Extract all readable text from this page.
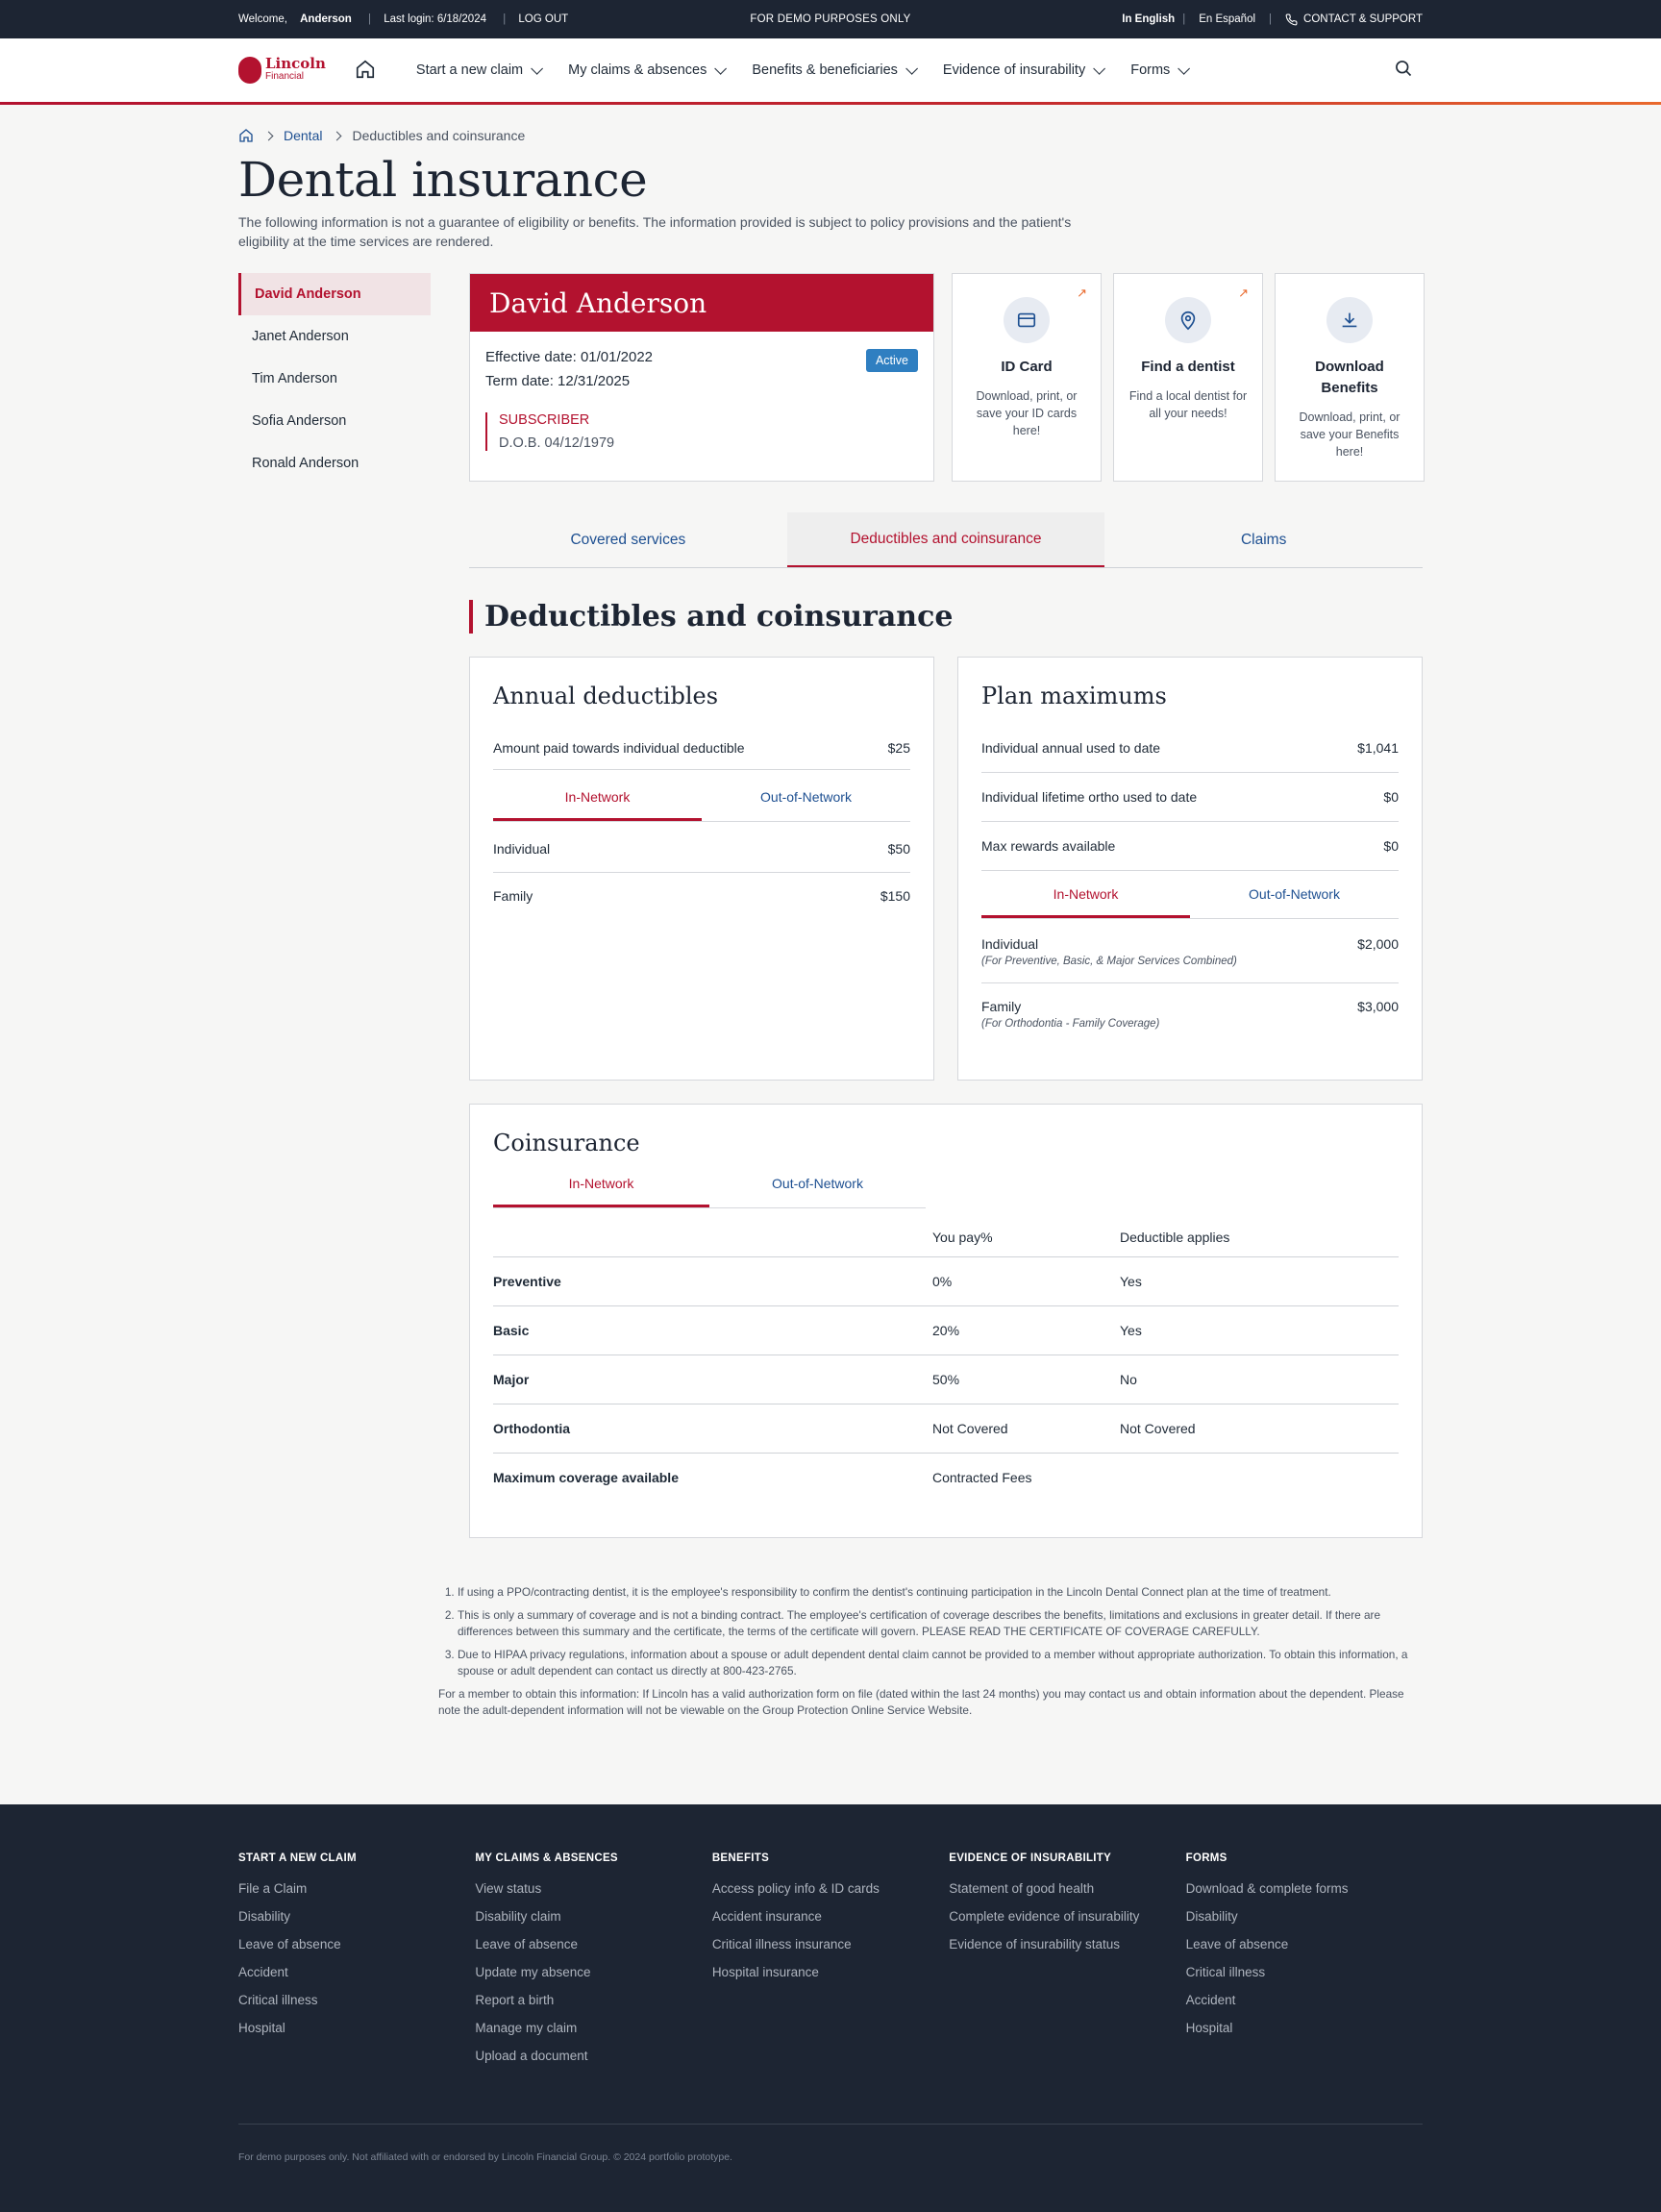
Welcome, Anderson | Last login: 6/18/2024 | LOG OUT	FOR DEMO PURPOSES ONLY	In English | En Español |	CONTACT & SUPPORT
Lincoln
Financial	Start a new claim	My claims & absences	Benefits & beneficiaries	Evidence of insurability	Forms
Dental Deductibles and coinsurance
Dental insurance

The following information is not a guarantee of eligibility or benefits. The information provided is subject to policy provisions and the patient's eligibility at the time services are rendered.

David Anderson
Janet Anderson
Tim Anderson
Sofia Anderson
Ronald Anderson
David Anderson
Effective date: 01/01/2022
Term date: 12/31/2025
Active
SUBSCRIBER
D.O.B. 04/12/1979
↗
ID Card
Download, print, or save your ID cards here!
↗
Find a dentist
Find a local dentist for all your needs!
Download Benefits
Download, print, or save your Benefits here!
Covered services	Deductibles and coinsurance	Claims
Deductibles and coinsurance
Annual deductibles
Amount paid towards individual deductible	$25
In-Network	Out-of-Network
Individual	$50
Family	$150
Plan maximums
Individual annual used to date	$1,041
Individual lifetime ortho used to date	$0
Max rewards available	$0
In-Network	Out-of-Network
Individual
(For Preventive, Basic, & Major Services Combined)
$2,000
Family
(For Orthodontia - Family Coverage)
$3,000
Coinsurance
In-Network	Out-of-Network
	You pay%	Deductible applies
Preventive	0%	Yes
Basic	20%	Yes
Major	50%	No
Orthodontia	Not Covered	Not Covered
Maximum coverage available	Contracted Fees	
1. If using a PPO/contracting dentist, it is the employee's responsibility to confirm the dentist's continuing participation in the Lincoln Dental Connect plan at the time of treatment.
2. This is only a summary of coverage and is not a binding contract. The employee's certification of coverage describes the benefits, limitations and exclusions in greater detail. If there are differences between this summary and the certificate, the terms of the certificate will govern. PLEASE READ THE CERTIFICATE OF COVERAGE CAREFULLY.
3. Due to HIPAA privacy regulations, information about a spouse or adult dependent dental claim cannot be provided to a member without appropriate authorization. To obtain this information, a spouse or adult dependent can contact us directly at 800-423-2765.

For a member to obtain this information: If Lincoln has a valid authorization form on file (dated within the last 24 months) you may contact us and obtain information about the dependent. Please note the adult-dependent information will not be viewable on the Group Protection Online Service Website.

START A NEW CLAIM
File a Claim
Disability
Leave of absence
Accident
Critical illness
Hospital
MY CLAIMS & ABSENCES
View status
Disability claim
Leave of absence
Update my absence
Report a birth
Manage my claim
Upload a document
BENEFITS
Access policy info & ID cards
Accident insurance
Critical illness insurance
Hospital insurance
EVIDENCE OF INSURABILITY
Statement of good health
Complete evidence of insurability
Evidence of insurability status
FORMS
Download & complete forms
Disability
Leave of absence
Critical illness
Accident
Hospital
For demo purposes only. Not affiliated with or endorsed by Lincoln Financial Group. © 2024 portfolio prototype.
